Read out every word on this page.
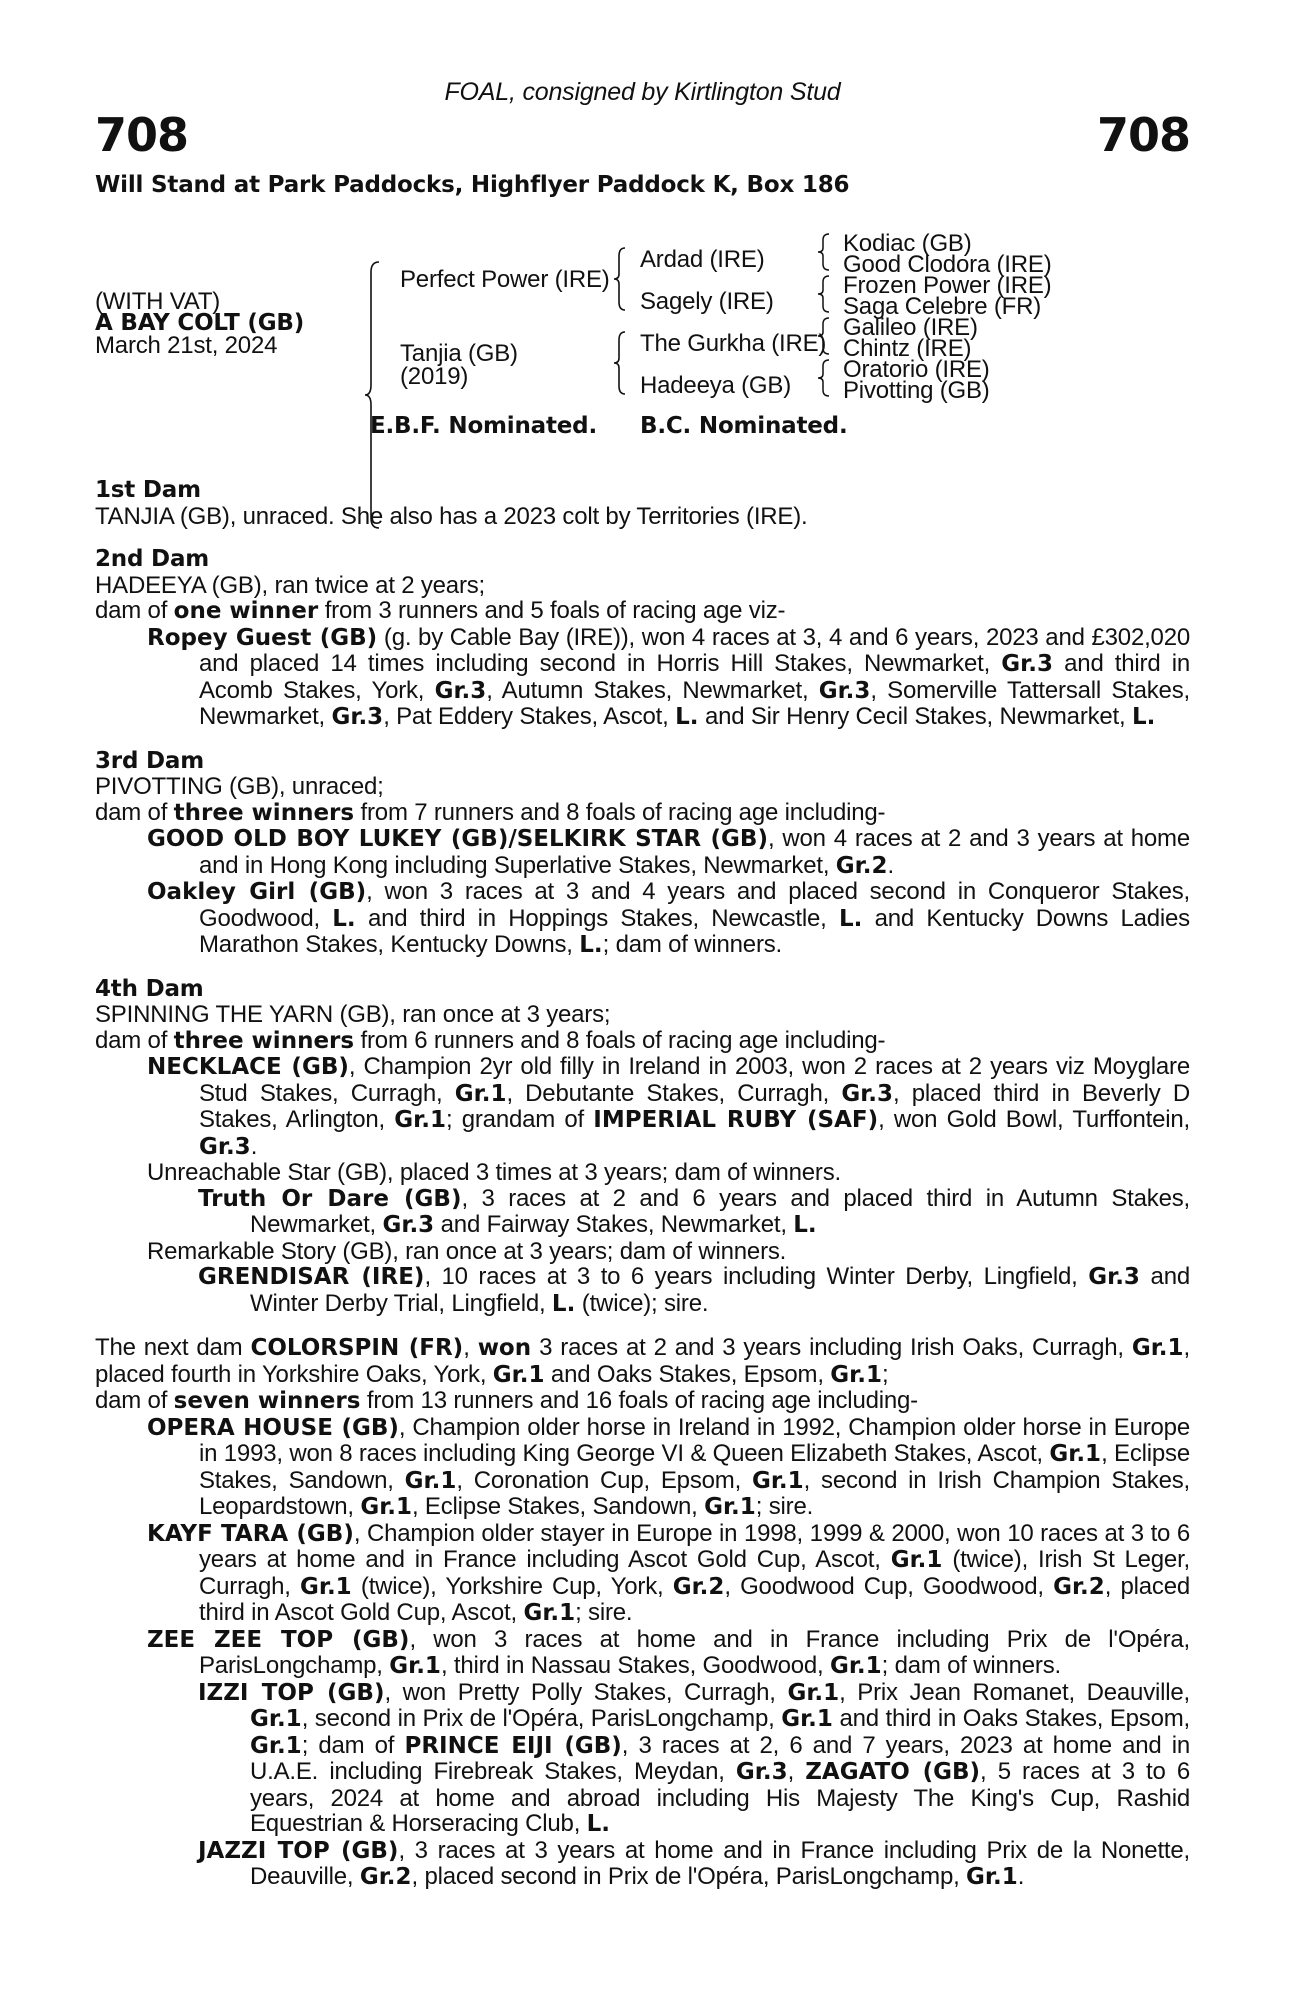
FOAL, consigned by Kirtlington Stud
708	708
Will Stand at Park Paddocks, Highflyer Paddock K, Box 186
(WITH VAT)
A BAY COLT (GB)
March 21st, 2024
Perfect Power (IRE)
Tanjia (GB)
(2019)
Ardad (IRE)
Sagely (IRE)
The Gurkha (IRE)
Hadeeya (GB)
Kodiac (GB)
Good Clodora (IRE)
Frozen Power (IRE)
Saga Celebre (FR)
Galileo (IRE)
Chintz (IRE)
Oratorio (IRE)
Pivotting (GB)
E.B.F. Nominated. B.C. Nominated.
1st Dam

TANJIA (GB), unraced. She also has a 2023 colt by Territories (IRE).

2nd Dam

HADEEYA (GB), ran twice at 2 years;

dam of one winner from 3 runners and 5 foals of racing age viz-

Ropey Guest (GB) (g. by Cable Bay (IRE)), won 4 races at 3, 4 and 6 years, 2023 and £302,020 and placed 14 times including second in Horris Hill Stakes, Newmarket, Gr.3 and third in Acomb Stakes, York, Gr.3, Autumn Stakes, Newmarket, Gr.3, Somerville Tattersall Stakes, Newmarket, Gr.3, Pat Eddery Stakes, Ascot, L. and Sir Henry Cecil Stakes, Newmarket, L.

3rd Dam

PIVOTTING (GB), unraced;

dam of three winners from 7 runners and 8 foals of racing age including-

GOOD OLD BOY LUKEY (GB)/SELKIRK STAR (GB), won 4 races at 2 and 3 years at home and in Hong Kong including Superlative Stakes, Newmarket, Gr.2.

Oakley Girl (GB), won 3 races at 3 and 4 years and placed second in Conqueror Stakes, Goodwood, L. and third in Hoppings Stakes, Newcastle, L. and Kentucky Downs Ladies Marathon Stakes, Kentucky Downs, L.; dam of winners.

4th Dam

SPINNING THE YARN (GB), ran once at 3 years;

dam of three winners from 6 runners and 8 foals of racing age including-

NECKLACE (GB), Champion 2yr old filly in Ireland in 2003, won 2 races at 2 years viz Moyglare Stud Stakes, Curragh, Gr.1, Debutante Stakes, Curragh, Gr.3, placed third in Beverly D Stakes, Arlington, Gr.1; grandam of IMPERIAL RUBY (SAF), won Gold Bowl, Turffontein, Gr.3.

Unreachable Star (GB), placed 3 times at 3 years; dam of winners.

Truth Or Dare (GB), 3 races at 2 and 6 years and placed third in Autumn Stakes, Newmarket, Gr.3 and Fairway Stakes, Newmarket, L.

Remarkable Story (GB), ran once at 3 years; dam of winners.

GRENDISAR (IRE), 10 races at 3 to 6 years including Winter Derby, Lingfield, Gr.3 and Winter Derby Trial, Lingfield, L. (twice); sire.

The next dam COLORSPIN (FR), won 3 races at 2 and 3 years including Irish Oaks, Curragh, Gr.1, placed fourth in Yorkshire Oaks, York, Gr.1 and Oaks Stakes, Epsom, Gr.1;

dam of seven winners from 13 runners and 16 foals of racing age including-

OPERA HOUSE (GB), Champion older horse in Ireland in 1992, Champion older horse in Europe in 1993, won 8 races including King George VI & Queen Elizabeth Stakes, Ascot, Gr.1, Eclipse Stakes, Sandown, Gr.1, Coronation Cup, Epsom, Gr.1, second in Irish Champion Stakes, Leopardstown, Gr.1, Eclipse Stakes, Sandown, Gr.1; sire.

KAYF TARA (GB), Champion older stayer in Europe in 1998, 1999 & 2000, won 10 races at 3 to 6 years at home and in France including Ascot Gold Cup, Ascot, Gr.1 (twice), Irish St Leger, Curragh, Gr.1 (twice), Yorkshire Cup, York, Gr.2, Goodwood Cup, Goodwood, Gr.2, placed third in Ascot Gold Cup, Ascot, Gr.1; sire.

ZEE ZEE TOP (GB), won 3 races at home and in France including Prix de l'Opéra, ParisLongchamp, Gr.1, third in Nassau Stakes, Goodwood, Gr.1; dam of winners.

IZZI TOP (GB), won Pretty Polly Stakes, Curragh, Gr.1, Prix Jean Romanet, Deauville, Gr.1, second in Prix de l'Opéra, ParisLongchamp, Gr.1 and third in Oaks Stakes, Epsom, Gr.1; dam of PRINCE EIJI (GB), 3 races at 2, 6 and 7 years, 2023 at home and in U.A.E. including Firebreak Stakes, Meydan, Gr.3, ZAGATO (GB), 5 races at 3 to 6 years, 2024 at home and abroad including His Majesty The King's Cup, Rashid Equestrian & Horseracing Club, L.

JAZZI TOP (GB), 3 races at 3 years at home and in France including Prix de la Nonette, Deauville, Gr.2, placed second in Prix de l'Opéra, ParisLongchamp, Gr.1.
